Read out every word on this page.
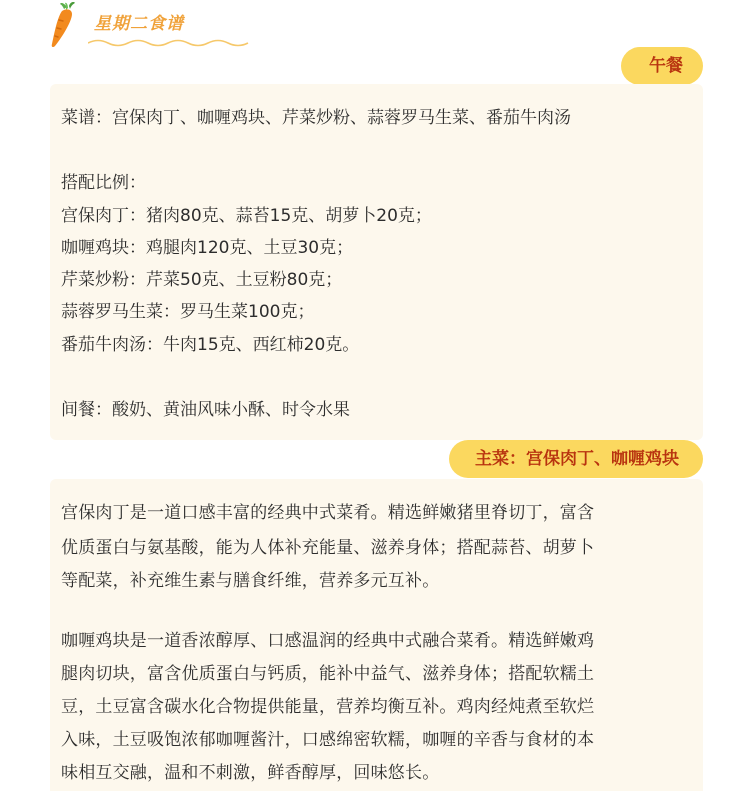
星期二食谱
午餐
菜谱：宫保肉丁、咖喱鸡块、芹菜炒粉、蒜蓉罗马生菜、番茄牛肉汤
搭配比例：
宫保肉丁：猪肉80克、蒜苔15克、胡萝卜20克；
咖喱鸡块：鸡腿肉120克、土豆30克；
芹菜炒粉：芹菜50克、土豆粉80克；
蒜蓉罗马生菜：罗马生菜100克；
番茄牛肉汤：牛肉15克、西红柿20克。
间餐：酸奶、黄油风味小酥、时令水果
主菜：宫保肉丁、咖喱鸡块
宫保肉丁是一道口感丰富的经典中式菜肴。精选鲜嫩猪里脊切丁，富含
优质蛋白与氨基酸，能为人体补充能量、滋养身体；搭配蒜苔、胡萝卜
等配菜，补充维生素与膳食纤维，营养多元互补。
咖喱鸡块是一道香浓醇厚、口感温润的经典中式融合菜肴。精选鲜嫩鸡
腿肉切块，富含优质蛋白与钙质，能补中益气、滋养身体；搭配软糯土
豆，土豆富含碳水化合物提供能量，营养均衡互补。鸡肉经炖煮至软烂
入味，土豆吸饱浓郁咖喱酱汁，口感绵密软糯，咖喱的辛香与食材的本
味相互交融，温和不刺激，鲜香醇厚，回味悠长。
